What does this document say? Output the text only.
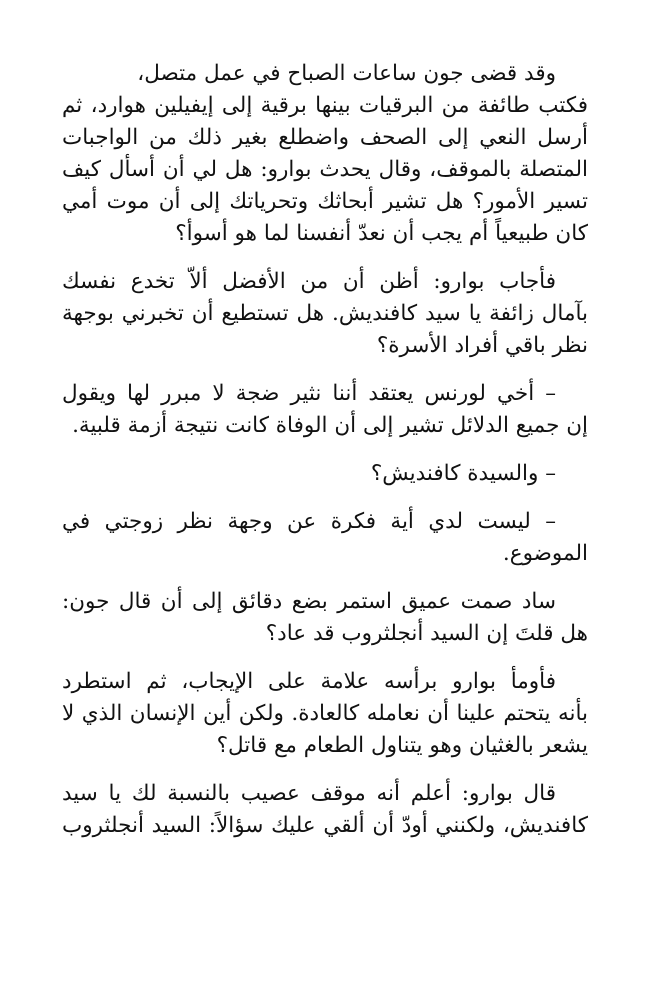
وقد قضى جون ساعات الصباح في عمل متصل،
فكتب طائفة من البرقيات بينها برقية إلى إيفيلين هوارد، ثم
أرسل النعي إلى الصحف واضطلع بغير ذلك من الواجبات
المتصلة بالموقف، وقال يحدث بوارو: هل لي أن أسأل كيف
تسير الأمور؟ هل تشير أبحاثك وتحرياتك إلى أن موت أمي
كان طبيعياً أم يجب أن نعدّ أنفسنا لما هو أسوأ؟
فأجاب بوارو: أظن أن من الأفضل ألاّ تخدع نفسك
بآمال زائفة يا سيد كافنديش. هل تستطيع أن تخبرني بوجهة
نظر باقي أفراد الأسرة؟
– أخي لورنس يعتقد أننا نثير ضجة لا مبرر لها ويقول
إن جميع الدلائل تشير إلى أن الوفاة كانت نتيجة أزمة قلبية.
– والسيدة كافنديش؟
– ليست لدي أية فكرة عن وجهة نظر زوجتي في
الموضوع.
ساد صمت عميق استمر بضع دقائق إلى أن قال جون:
هل قلتَ إن السيد أنجلثروب قد عاد؟
فأومأ بوارو برأسه علامة على الإيجاب، ثم استطرد
بأنه يتحتم علينا أن نعامله كالعادة. ولكن أين الإنسان الذي لا
يشعر بالغثيان وهو يتناول الطعام مع قاتل؟
قال بوارو: أعلم أنه موقف عصيب بالنسبة لك يا سيد
كافنديش، ولكنني أودّ أن ألقي عليك سؤالاً: السيد أنجلثروب
